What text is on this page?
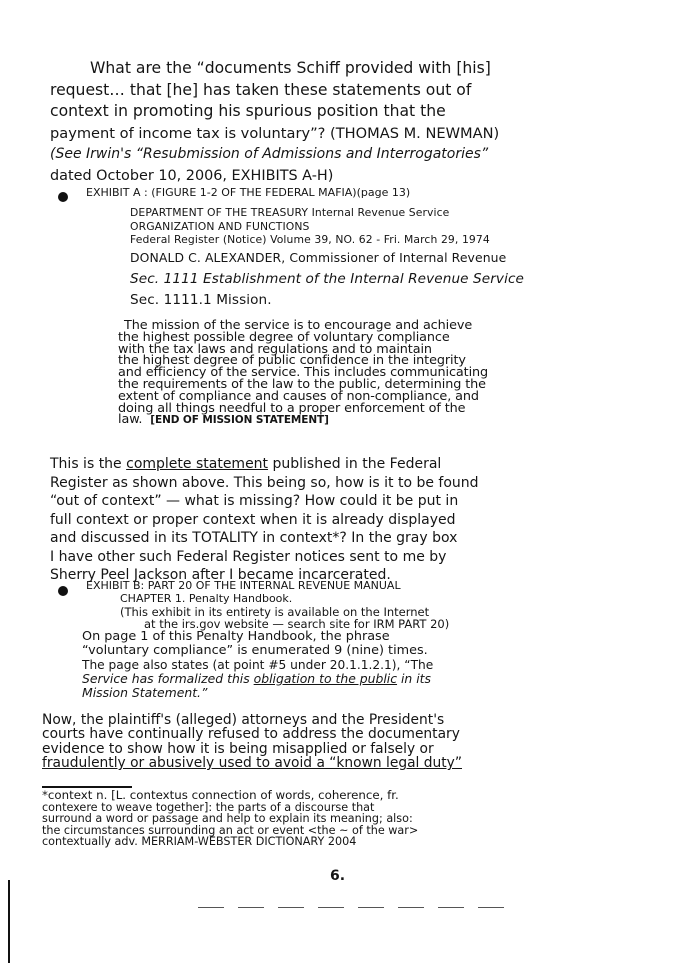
What are the “documents Schiff provided with [his]
request… that [he] has taken these statements out of
context in promoting his spurious position that the
payment of income tax is voluntary”? (THOMAS M. NEWMAN)
(See Irwin's “Resubmission of Admissions and Interrogatories”
dated October 10, 2006, EXHIBITS A-H)
EXHIBIT A : (FIGURE 1-2 OF THE FEDERAL MAFIA)(page 13)
DEPARTMENT OF THE TREASURY Internal Revenue Service
ORGANIZATION AND FUNCTIONS
Federal Register (Notice) Volume 39, NO. 62 - Fri. March 29, 1974
DONALD C. ALEXANDER, Commissioner of Internal Revenue
Sec. 1111 Establishment of the Internal Revenue Service
Sec. 1111.1 Mission.
The mission of the service is to encourage and achieve
the highest possible degree of voluntary compliance
with the tax laws and regulations and to maintain
the highest degree of public confidence in the integrity
and efficiency of the service. This includes communicating
the requirements of the law to the public, determining the
extent of compliance and causes of non-compliance, and
doing all things needful to a proper enforcement of the
law. [END OF MISSION STATEMENT]
This is the complete statement published in the Federal
Register as shown above. This being so, how is it to be found
“out of context” — what is missing? How could it be put in
full context or proper context when it is already displayed
and discussed in its TOTALITY in context*? In the gray box
I have other such Federal Register notices sent to me by
Sherry Peel Jackson after I became incarcerated.
EXHIBIT B: PART 20 OF THE INTERNAL REVENUE MANUAL
CHAPTER 1. Penalty Handbook.
(This exhibit in its entirety is available on the Internet
at the irs.gov website — search site for IRM PART 20)
On page 1 of this Penalty Handbook, the phrase
“voluntary compliance” is enumerated 9 (nine) times.
The page also states (at point #5 under 20.1.1.2.1), “The
Service has formalized this obligation to the public in its
Mission Statement.”
Now, the plaintiff's (alleged) attorneys and the President's
courts have continually refused to address the documentary
evidence to show how it is being misapplied or falsely or
fraudulently or abusively used to avoid a “known legal duty”
*context n. [L. contextus connection of words, coherence, fr.
contexere to weave together]: the parts of a discourse that
surround a word or passage and help to explain its meaning; also:
the circumstances surrounding an act or event <the ~ of the war>
contextually adv. MERRIAM-WEBSTER DICTIONARY 2004
6.
